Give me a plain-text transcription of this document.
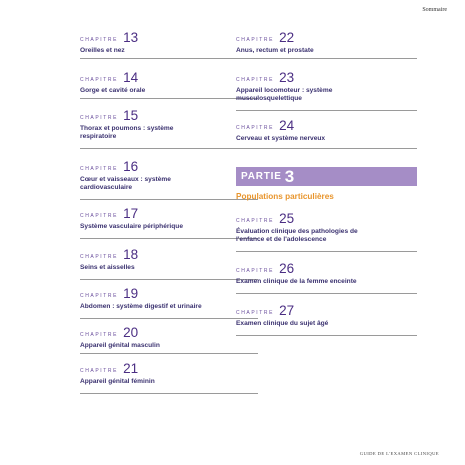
Sommaire
CHAPITRE 13
Oreilles et nez
CHAPITRE 14
Gorge et cavité orale
CHAPITRE 15
Thorax et poumons : système respiratoire
CHAPITRE 16
Cœur et vaisseaux : système cardiovasculaire
CHAPITRE 17
Système vasculaire périphérique
CHAPITRE 18
Seins et aisselles
CHAPITRE 19
Abdomen : système digestif et urinaire
CHAPITRE 20
Appareil génital masculin
CHAPITRE 21
Appareil génital féminin
CHAPITRE 22
Anus, rectum et prostate
CHAPITRE 23
Appareil locomoteur : système musculosquelettique
CHAPITRE 24
Cerveau et système nerveux
PARTIE 3
Populations particulières
CHAPITRE 25
Évaluation clinique des pathologies de l'enfance et de l'adolescence
CHAPITRE 26
Examen clinique de la femme enceinte
CHAPITRE 27
Examen clinique du sujet âgé
GUIDE DE L'EXAMEN CLINIQUE
